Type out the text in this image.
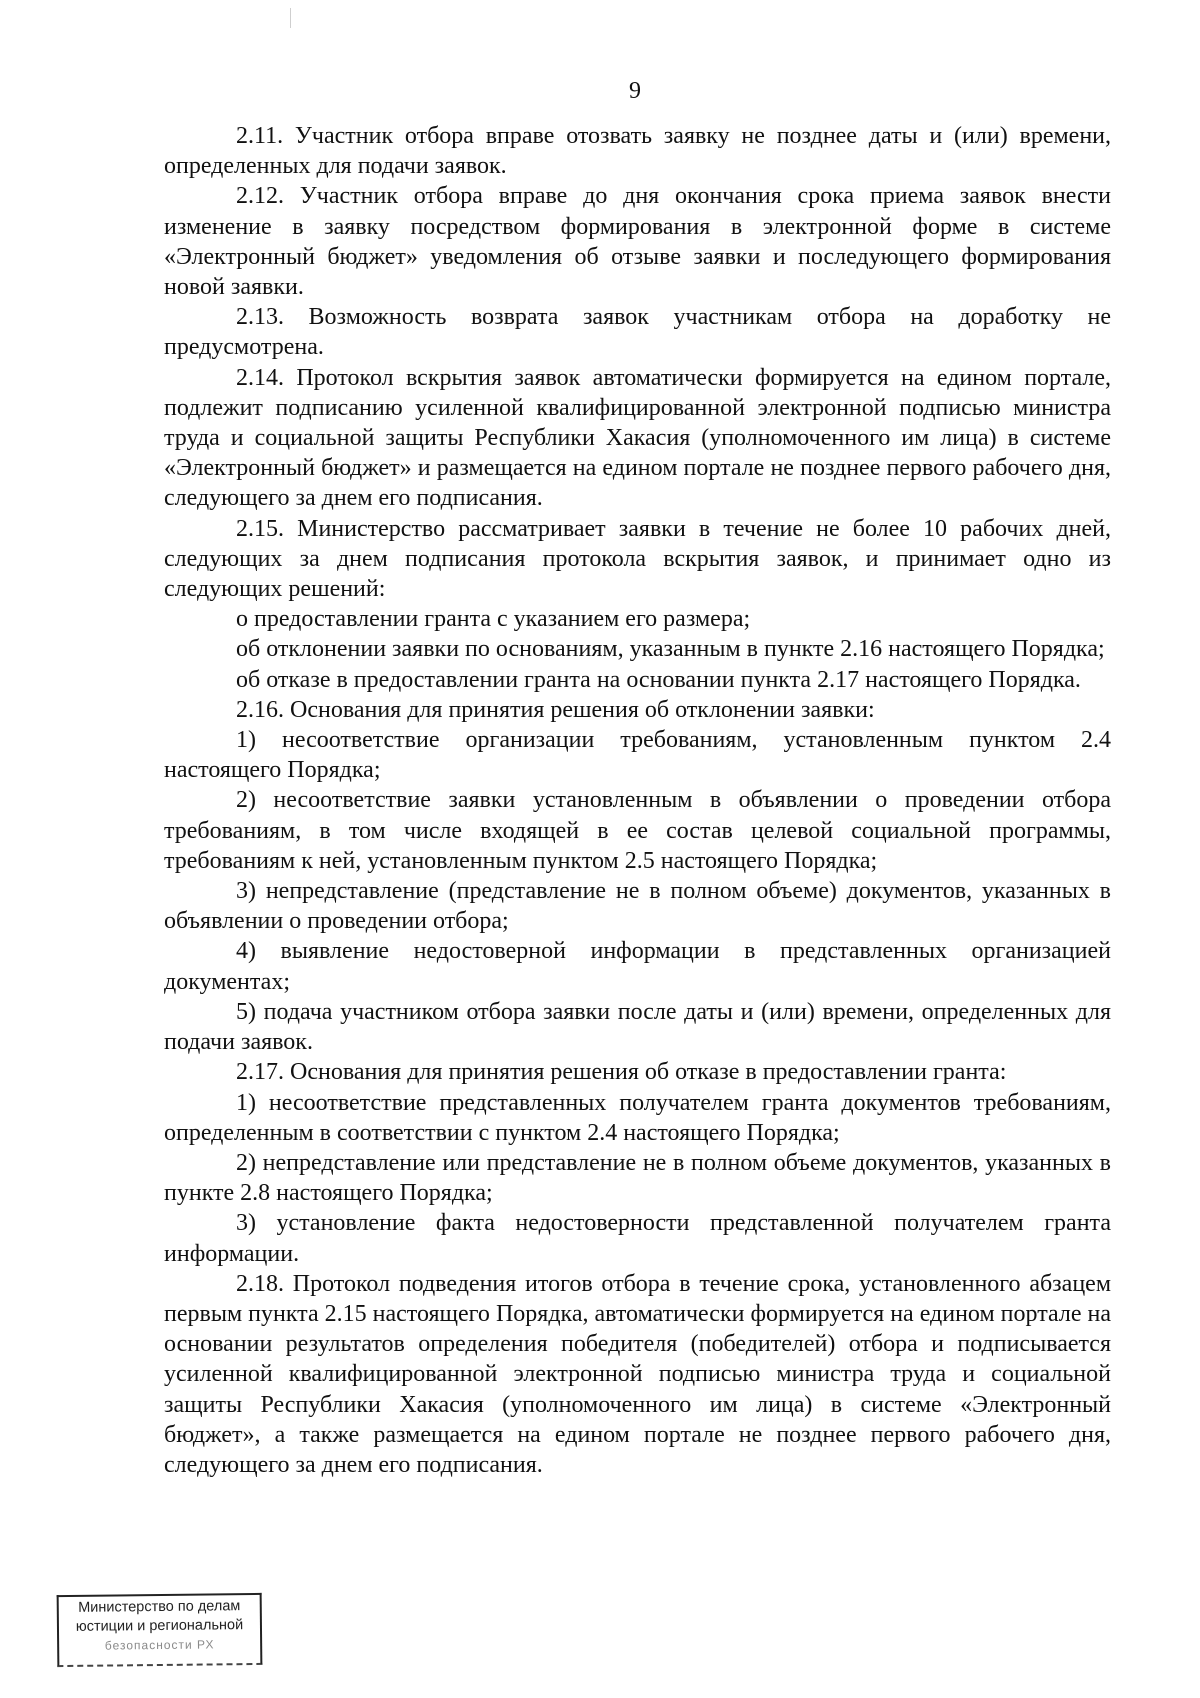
9

2.11. Участник отбора вправе отозвать заявку не позднее даты и (или) времени, определенных для подачи заявок.

2.12. Участник отбора вправе до дня окончания срока приема заявок внести изменение в заявку посредством формирования в электронной форме в системе «Электронный бюджет» уведомления об отзыве заявки и последующего формирования новой заявки.

2.13. Возможность возврата заявок участникам отбора на доработку не предусмотрена.

2.14. Протокол вскрытия заявок автоматически формируется на едином портале, подлежит подписанию усиленной квалифицированной электронной подписью министра труда и социальной защиты Республики Хакасия (уполномоченного им лица) в системе «Электронный бюджет» и размещается на едином портале не позднее первого рабочего дня, следующего за днем его подписания.

2.15. Министерство рассматривает заявки в течение не более 10 рабочих дней, следующих за днем подписания протокола вскрытия заявок, и принимает одно из следующих решений:

о предоставлении гранта с указанием его размера;

об отклонении заявки по основаниям, указанным в пункте 2.16 настоящего Порядка;

об отказе в предоставлении гранта на основании пункта 2.17 настоящего Порядка.

2.16. Основания для принятия решения об отклонении заявки:

1) несоответствие организации требованиям, установленным пунктом 2.4 настоящего Порядка;

2) несоответствие заявки установленным в объявлении о проведении отбора требованиям, в том числе входящей в ее состав целевой социальной программы, требованиям к ней, установленным пунктом 2.5 настоящего Порядка;

3) непредставление (представление не в полном объеме) документов, указанных в объявлении о проведении отбора;

4) выявление недостоверной информации в представленных организацией документах;

5) подача участником отбора заявки после даты и (или) времени, определенных для подачи заявок.

2.17. Основания для принятия решения об отказе в предоставлении гранта:

1) несоответствие представленных получателем гранта документов требованиям, определенным в соответствии с пунктом 2.4 настоящего Порядка;

2) непредставление или представление не в полном объеме документов, указанных в пункте 2.8 настоящего Порядка;

3) установление факта недостоверности представленной получателем гранта информации.

2.18. Протокол подведения итогов отбора в течение срока, установленного абзацем первым пункта 2.15 настоящего Порядка, автоматически формируется на едином портале на основании результатов определения победителя (победителей) отбора и подписывается усиленной квалифицированной электронной подписью министра труда и социальной защиты Республики Хакасия (уполномоченного им лица) в системе «Электронный бюджет», а также размещается на едином портале не позднее первого рабочего дня, следующего за днем его подписания.

Министерство по делам
юстиции и региональной
безопасности РХ
